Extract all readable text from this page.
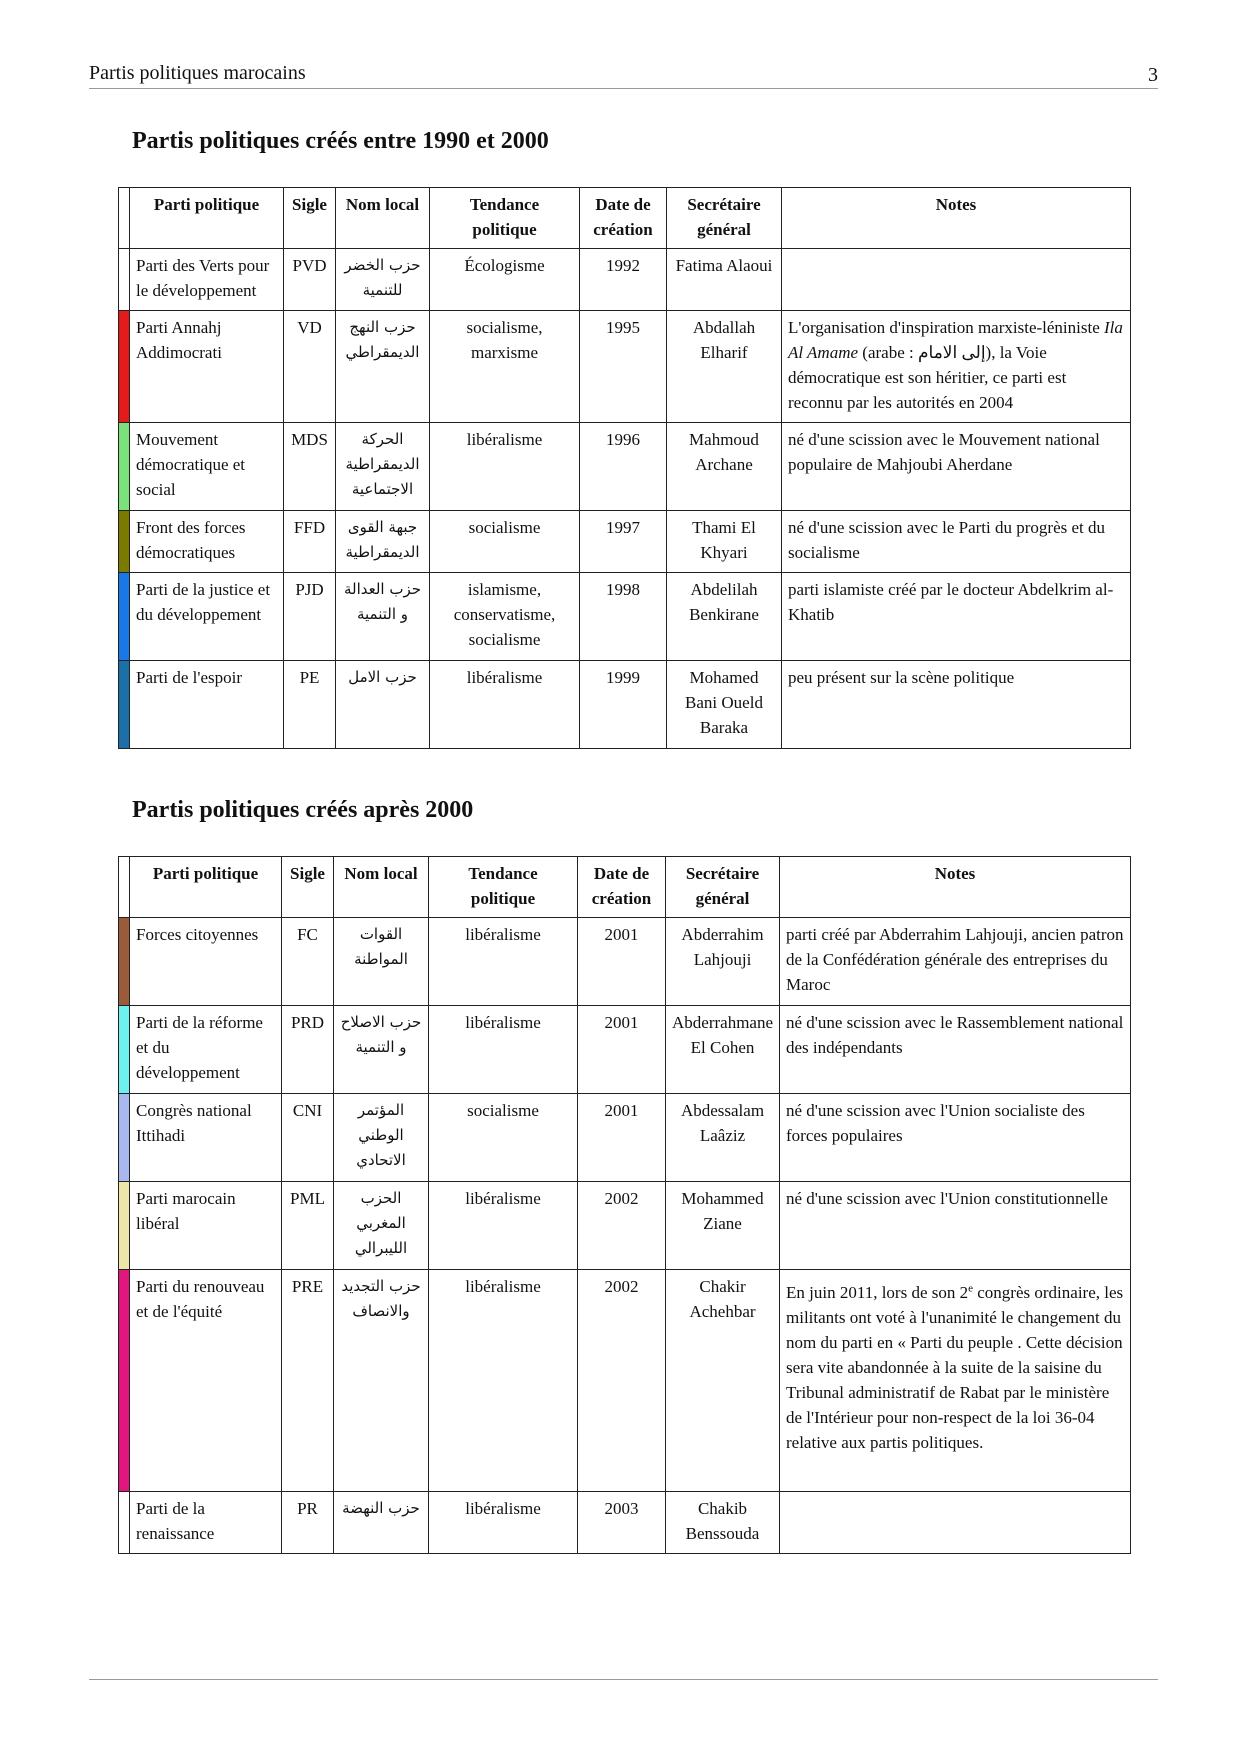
Partis politiques marocains	3
Partis politiques créés entre 1990 et 2000
	Parti politique	Sigle	Nom local	Tendance politique	Date de création	Secrétaire général	Notes
	Parti des Verts pour le développement	PVD	حزب الخضر للتنمية	Écologisme	1992	Fatima Alaoui	
	Parti Annahj Addimocrati	VD	حزب النهج الديمقراطي	socialisme, marxisme	1995	Abdallah Elharif	L'organisation d'inspiration marxiste-léniniste Ila Al Amame (arabe : إلى الامام), la Voie démocratique est son héritier, ce parti est reconnu par les autorités en 2004
	Mouvement démocratique et social	MDS	الحركة الديمقراطية الاجتماعية	libéralisme	1996	Mahmoud Archane	né d'une scission avec le Mouvement national populaire de Mahjoubi Aherdane
	Front des forces démocratiques	FFD	جبهة القوى الديمقراطية	socialisme	1997	Thami El Khyari	né d'une scission avec le Parti du progrès et du socialisme
	Parti de la justice et du développement	PJD	حزب العدالة و التنمية	islamisme, conservatisme, socialisme	1998	Abdelilah Benkirane	parti islamiste créé par le docteur Abdelkrim al-Khatib
	Parti de l'espoir	PE	حزب الامل	libéralisme	1999	Mohamed Bani Oueld Baraka	peu présent sur la scène politique
Partis politiques créés après 2000
	Parti politique	Sigle	Nom local	Tendance politique	Date de création	Secrétaire général	Notes
	Forces citoyennes	FC	القوات المواطنة	libéralisme	2001	Abderrahim Lahjouji	parti créé par Abderrahim Lahjouji, ancien patron de la Confédération générale des entreprises du Maroc
	Parti de la réforme et du développement	PRD	حزب الاصلاح و التنمية	libéralisme	2001	Abderrahmane El Cohen	né d'une scission avec le Rassemblement national des indépendants
	Congrès national Ittihadi	CNI	المؤتمر الوطني الاتحادي	socialisme	2001	Abdessalam Laâziz	né d'une scission avec l'Union socialiste des forces populaires
	Parti marocain libéral	PML	الحزب المغربي الليبرالي	libéralisme	2002	Mohammed Ziane	né d'une scission avec l'Union constitutionnelle
	Parti du renouveau et de l'équité	PRE	حزب التجديد والانصاف	libéralisme	2002	Chakir Achehbar	En juin 2011, lors de son 2e congrès ordinaire, les militants ont voté à l'unanimité le changement du nom du parti en « Parti du peuple . Cette décision sera vite abandonnée à la suite de la saisine du Tribunal administratif de Rabat par le ministère de l'Intérieur pour non-respect de la loi 36-04 relative aux partis politiques.
	Parti de la renaissance	PR	حزب النهضة	libéralisme	2003	Chakib Benssouda	
